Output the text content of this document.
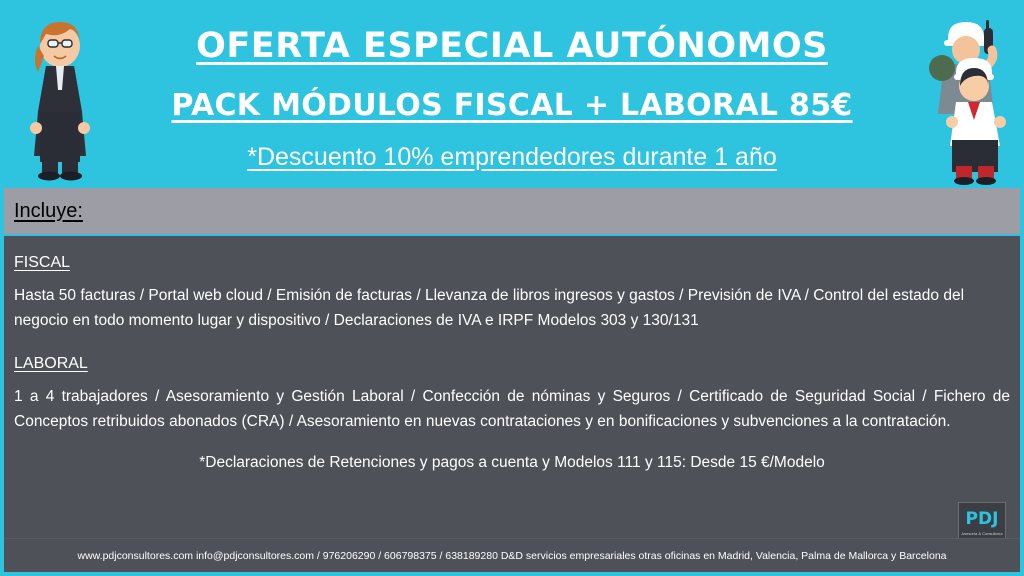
OFERTA ESPECIAL AUTÓNOMOS
PACK MÓDULOS FISCAL + LABORAL 85€
*Descuento 10% emprendedores durante 1 año
Incluye:
FISCAL
Hasta 50 facturas / Portal web cloud / Emisión de facturas / Llevanza de libros ingresos y gastos / Previsión de IVA / Control del estado del negocio en todo momento lugar y dispositivo / Declaraciones de IVA e IRPF Modelos 303 y 130/131
LABORAL
1 a 4 trabajadores / Asesoramiento y Gestión Laboral / Confección de nóminas y Seguros / Certificado de Seguridad Social / Fichero de Conceptos retribuidos abonados (CRA) / Asesoramiento en nuevas contrataciones y en bonificaciones y subvenciones a la contratación.
*Declaraciones de Retenciones y pagos a cuenta y Modelos 111 y 115: Desde 15 €/Modelo
PDJ
Asesoría & Consultoría
www.pdjconsultores.com info@pdjconsultores.com / 976206290 / 606798375 / 638189280 D&D servicios empresariales otras oficinas en Madrid, Valencia, Palma de Mallorca y Barcelona
